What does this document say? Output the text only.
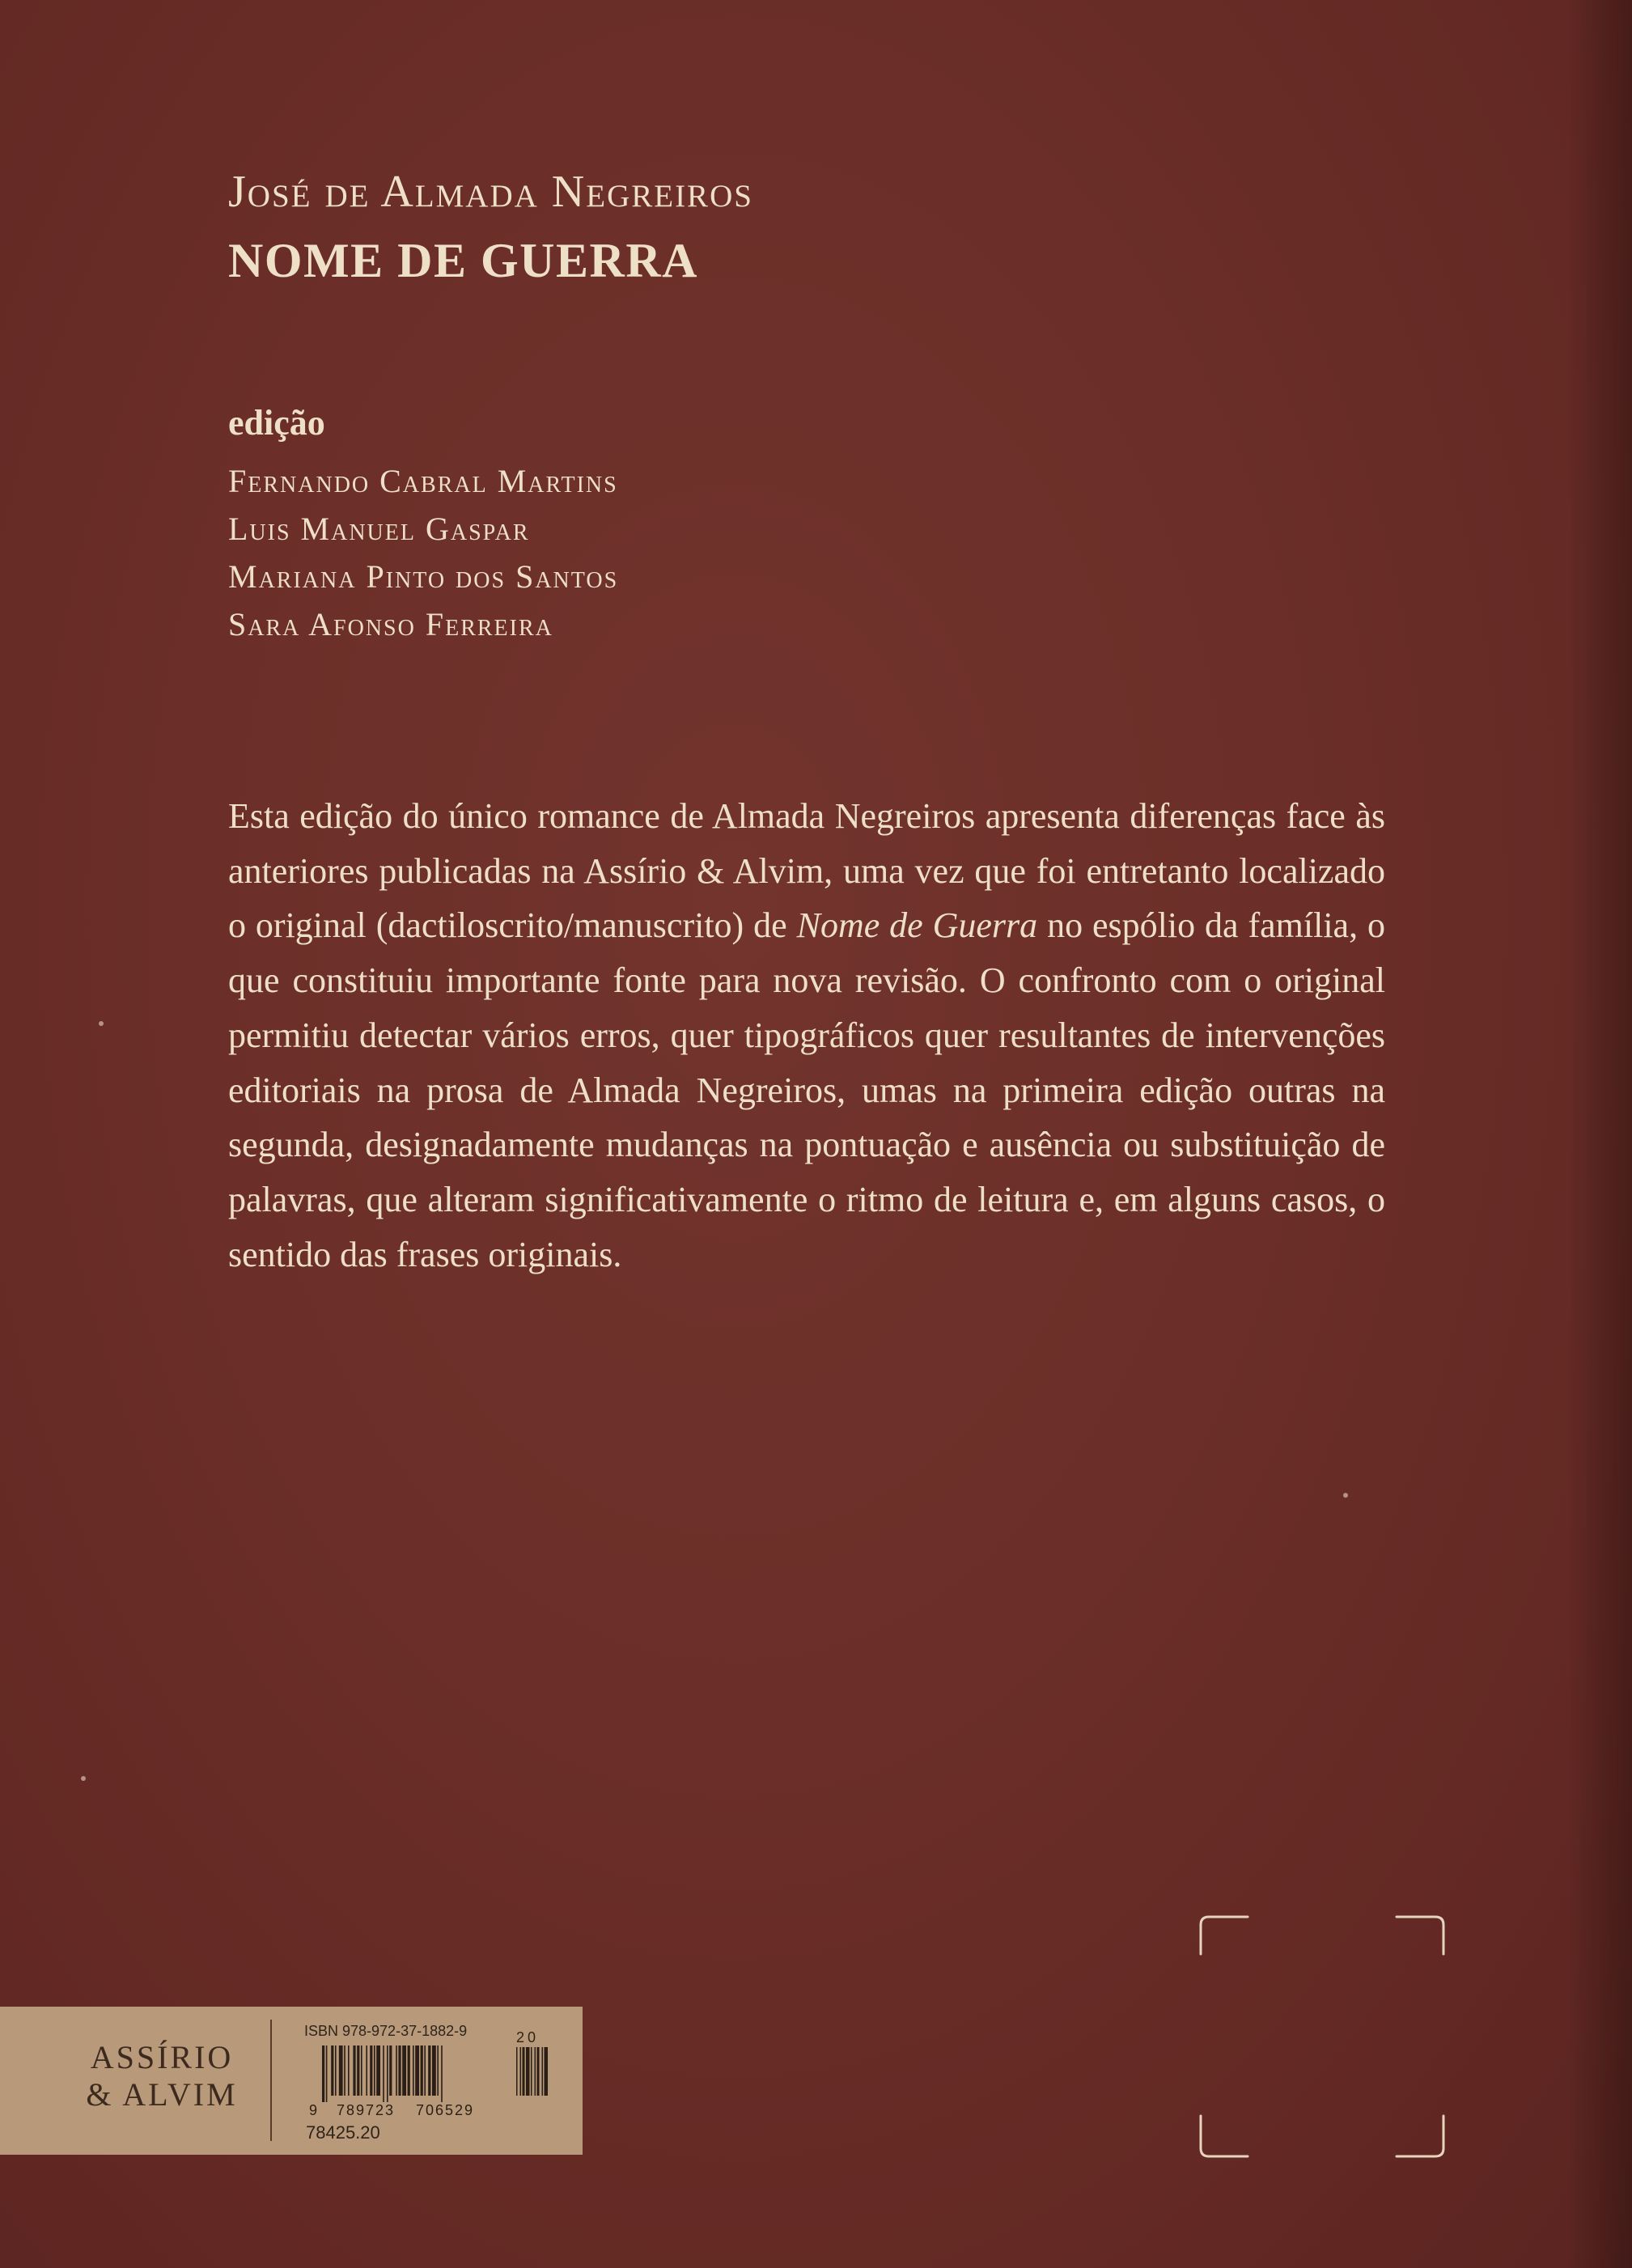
José de Almada Negreiros
NOME DE GUERRA
edição
Fernando Cabral Martins
Luis Manuel Gaspar
Mariana Pinto dos Santos
Sara Afonso Ferreira

Esta edição do único romance de Almada Negreiros apresenta diferenças face às anteriores publicadas na Assírio & Alvim, uma vez que foi entretanto localizado o original (dactiloscrito/manuscrito) de Nome de Guerra no espólio da família, o que constituiu importante fonte para nova revisão. O confronto com o original permitiu detectar vários erros, quer tipográficos quer resultantes de intervenções editoriais na prosa de Almada Negreiros, umas na primeira edição outras na segunda, designadamente mudanças na pontuação e ausência ou substituição de palavras, que alteram significativamente o ritmo de leitura e, em alguns casos, o sentido das frases originais.

ASSÍRIO
& ALVIM
ISBN 978-972-37-1882-9	20
9 789723 706529
78425.20
